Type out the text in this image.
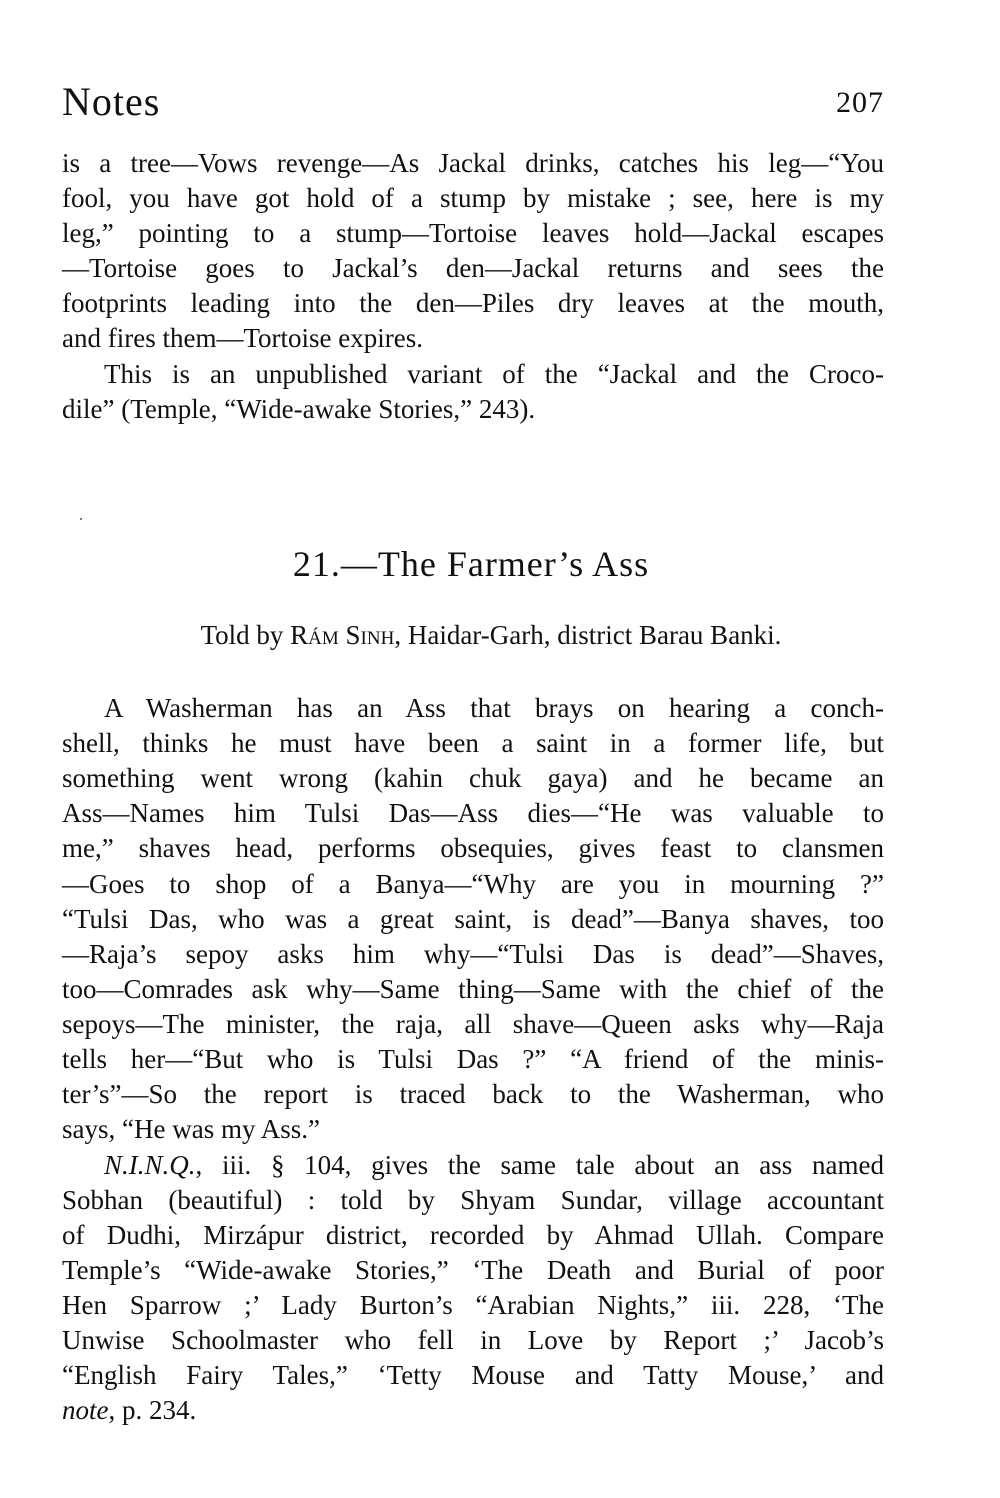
Notes	207
is a tree—Vows revenge—As Jackal drinks, catches his leg—“You
fool, you have got hold of a stump by mistake ; see, here is my
leg,” pointing to a stump—Tortoise leaves hold—Jackal escapes
—Tortoise goes to Jackal’s den—Jackal returns and sees the
footprints leading into the den—Piles dry leaves at the mouth,
and fires them—Tortoise expires.
This is an unpublished variant of the “Jackal and the Croco-
dile” (Temple, “Wide-awake Stories,” 243).
21.—The Farmer’s Ass
Told by Rám Sinh, Haidar-Garh, district Barau Banki.
A Washerman has an Ass that brays on hearing a conch-
shell, thinks he must have been a saint in a former life, but
something went wrong (kahin chuk gaya) and he became an
Ass—Names him Tulsi Das—Ass dies—“He was valuable to
me,” shaves head, performs obsequies, gives feast to clansmen
—Goes to shop of a Banya—“Why are you in mourning ?”
“Tulsi Das, who was a great saint, is dead”—Banya shaves, too
—Raja’s sepoy asks him why—“Tulsi Das is dead”—Shaves,
too—Comrades ask why—Same thing—Same with the chief of the
sepoys—The minister, the raja, all shave—Queen asks why—Raja
tells her—“But who is Tulsi Das ?” “A friend of the minis-
ter’s”—So the report is traced back to the Washerman, who
says, “He was my Ass.”
N.I.N.Q., iii. § 104, gives the same tale about an ass named
Sobhan (beautiful) : told by Shyam Sundar, village accountant
of Dudhi, Mirzápur district, recorded by Ahmad Ullah. Compare
Temple’s “Wide-awake Stories,” ‘The Death and Burial of poor
Hen Sparrow ;’ Lady Burton’s “Arabian Nights,” iii. 228, ‘The
Unwise Schoolmaster who fell in Love by Report ;’ Jacob’s
“English Fairy Tales,” ‘Tetty Mouse and Tatty Mouse,’ and
note, p. 234.
